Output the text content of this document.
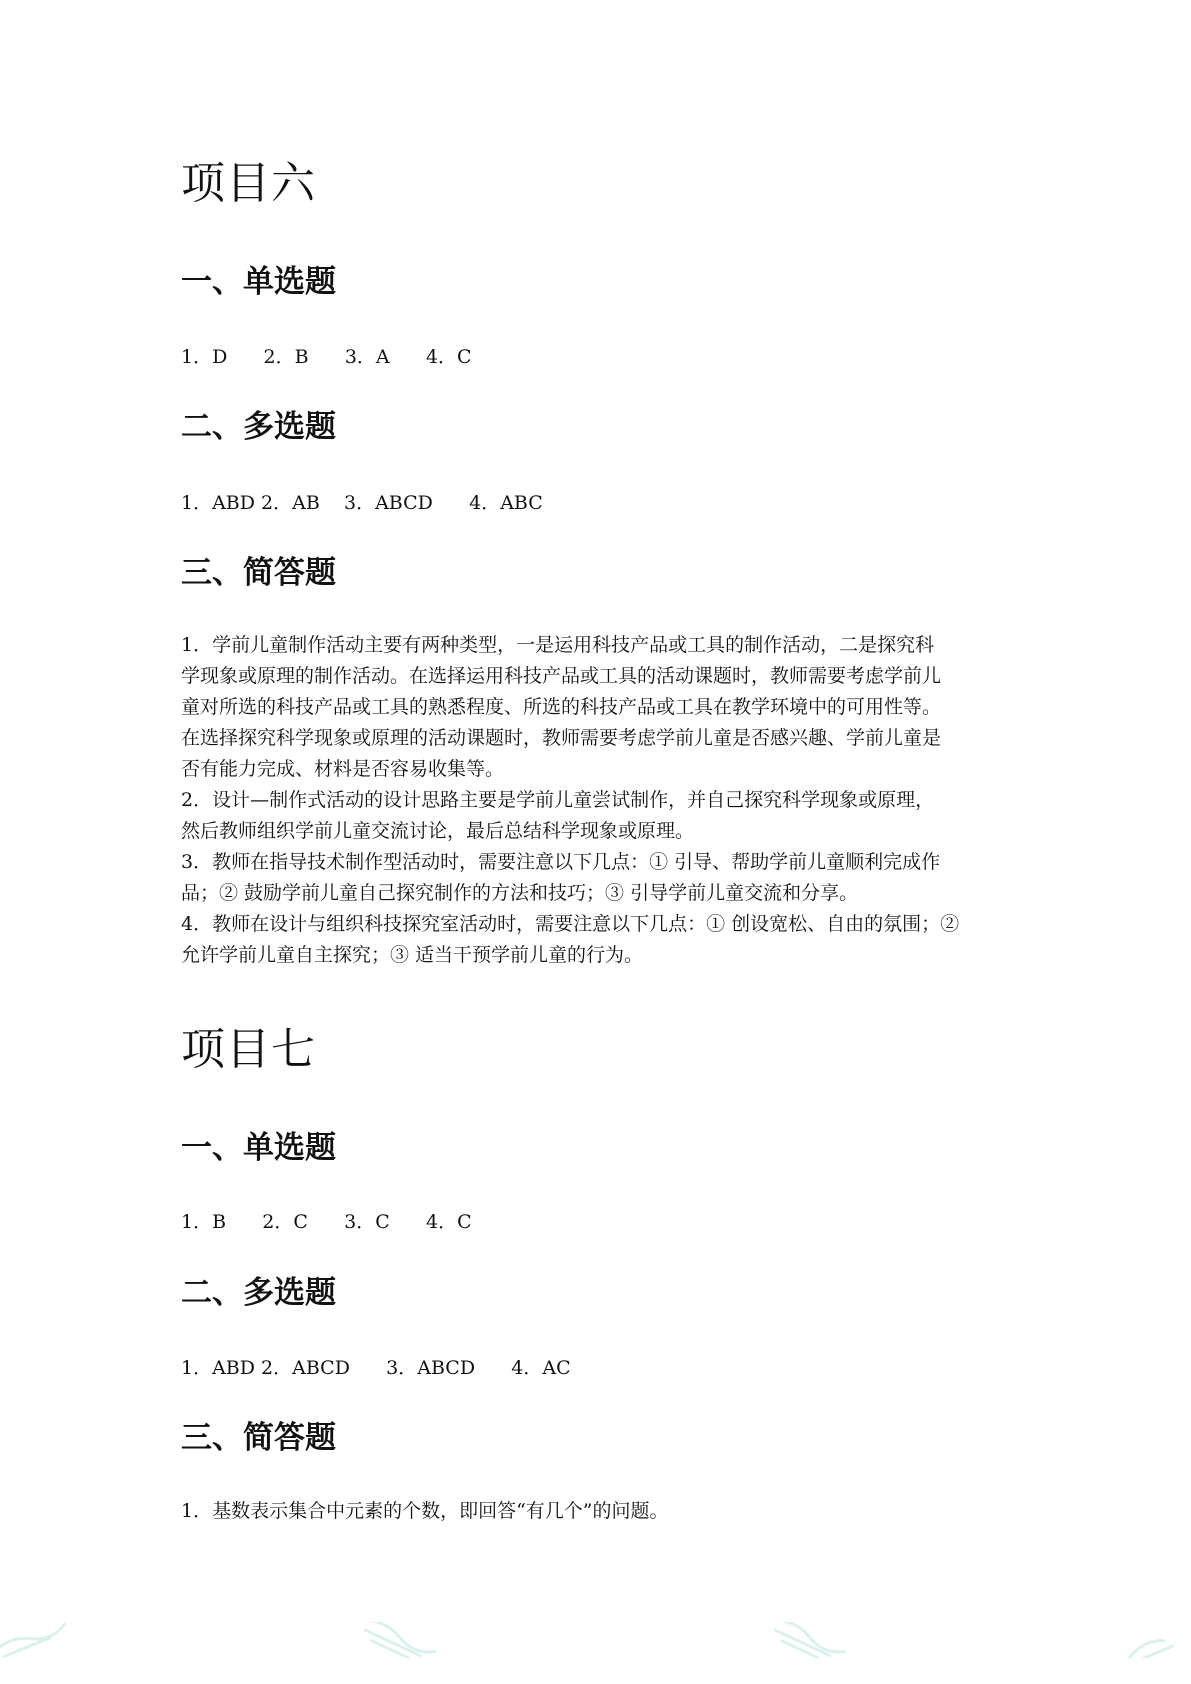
项目六
一、单选题

1．D      2．B      3．A      4．C

二、多选题

1．ABD 2．AB    3．ABCD      4．ABC

三、简答题
1．学前儿童制作活动主要有两种类型，一是运用科技产品或工具的制作活动，二是探究科
学现象或原理的制作活动。在选择运用科技产品或工具的活动课题时，教师需要考虑学前儿
童对所选的科技产品或工具的熟悉程度、所选的科技产品或工具在教学环境中的可用性等。
在选择探究科学现象或原理的活动课题时，教师需要考虑学前儿童是否感兴趣、学前儿童是
否有能力完成、材料是否容易收集等。
2．设计—制作式活动的设计思路主要是学前儿童尝试制作，并自己探究科学现象或原理，
然后教师组织学前儿童交流讨论，最后总结科学现象或原理。
3．教师在指导技术制作型活动时，需要注意以下几点：① 引导、帮助学前儿童顺利完成作
品；② 鼓励学前儿童自己探究制作的方法和技巧；③ 引导学前儿童交流和分享。
4．教师在设计与组织科技探究室活动时，需要注意以下几点：① 创设宽松、自由的氛围；②
允许学前儿童自主探究；③ 适当干预学前儿童的行为。
项目七
一、单选题

1．B      2．C      3．C      4．C

二、多选题

1．ABD 2．ABCD      3．ABCD      4．AC

三、简答题
1．基数表示集合中元素的个数，即回答“有几个”的问题。
